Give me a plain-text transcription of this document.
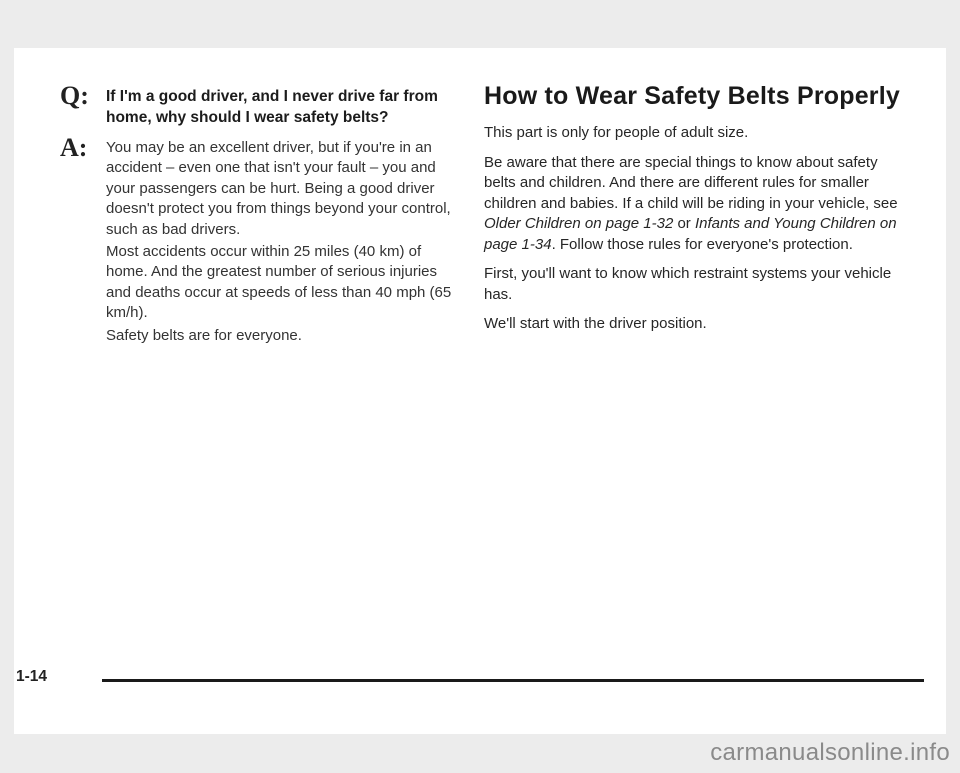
Q: If I'm a good driver, and I never drive far from home, why should I wear safety belts?

A: You may be an excellent driver, but if you're in an accident – even one that isn't your fault – you and your passengers can be hurt. Being a good driver doesn't protect you from things beyond your control, such as bad drivers.

Most accidents occur within 25 miles (40 km) of home. And the greatest number of serious injuries and deaths occur at speeds of less than 40 mph (65 km/h).

Safety belts are for everyone.

How to Wear Safety Belts Properly

This part is only for people of adult size.

Be aware that there are special things to know about safety belts and children. And there are different rules for smaller children and babies. If a child will be riding in your vehicle, see Older Children on page 1-32 or Infants and Young Children on page 1-34. Follow those rules for everyone's protection.

First, you'll want to know which restraint systems your vehicle has.

We'll start with the driver position.

1-14
carmanualsonline.info
